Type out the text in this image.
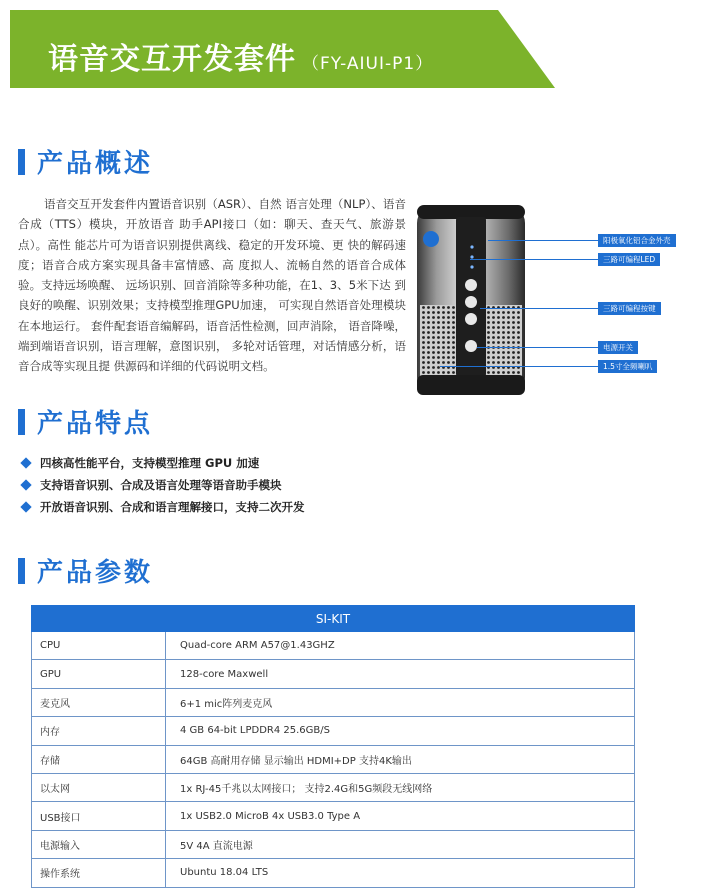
语音交互开发套件 （FY-AIUI-P1）
产品概述
语音交互开发套件内置语音识别（ASR）、自然 语言处理（NLP）、语音合成（TTS）模块，开放语音 助手API接口（如：聊天、查天气、旅游景点）。高性 能芯片可为语音识别提供离线、稳定的开发环境、更 快的解码速度；语音合成方案实现具备丰富情感、高 度拟人、流畅自然的语音合成体验。支持远场唤醒、 远场识别、回音消除等多种功能，在1、3、5米下达 到良好的唤醒、识别效果；支持模型推理GPU加速， 可实现自然语音处理模块在本地运行。 套件配套语音编解码，语音活性检测，回声消除， 语音降噪，端到端语音识别，语言理解，意图识别， 多轮对话管理，对话情感分析，语音合成等实现且提 供源码和详细的代码说明文档。
阳极氧化铝合金外壳
三路可编程LED
三路可编程按键
电源开关
1.5寸全频喇叭
产品特点
四核高性能平台，支持模型推理 GPU 加速
支持语音识别、合成及语言处理等语音助手模块
开放语音识别、合成和语言理解接口，支持二次开发
产品参数
SI-KIT	
CPU	Quad-core ARM A57@1.43GHZ
GPU	128-core Maxwell
麦克风	6+1 mic阵列麦克风
内存	4 GB 64-bit LPDDR4 25.6GB/S
存储	64GB 高耐用存储 显示输出 HDMI+DP 支持4K输出
以太网	1x RJ-45千兆以太网接口； 支持2.4G和5G频段无线网络
USB接口	1x USB2.0 MicroB 4x USB3.0 Type A
电源输入	5V 4A 直流电源
操作系统	Ubuntu 18.04 LTS
